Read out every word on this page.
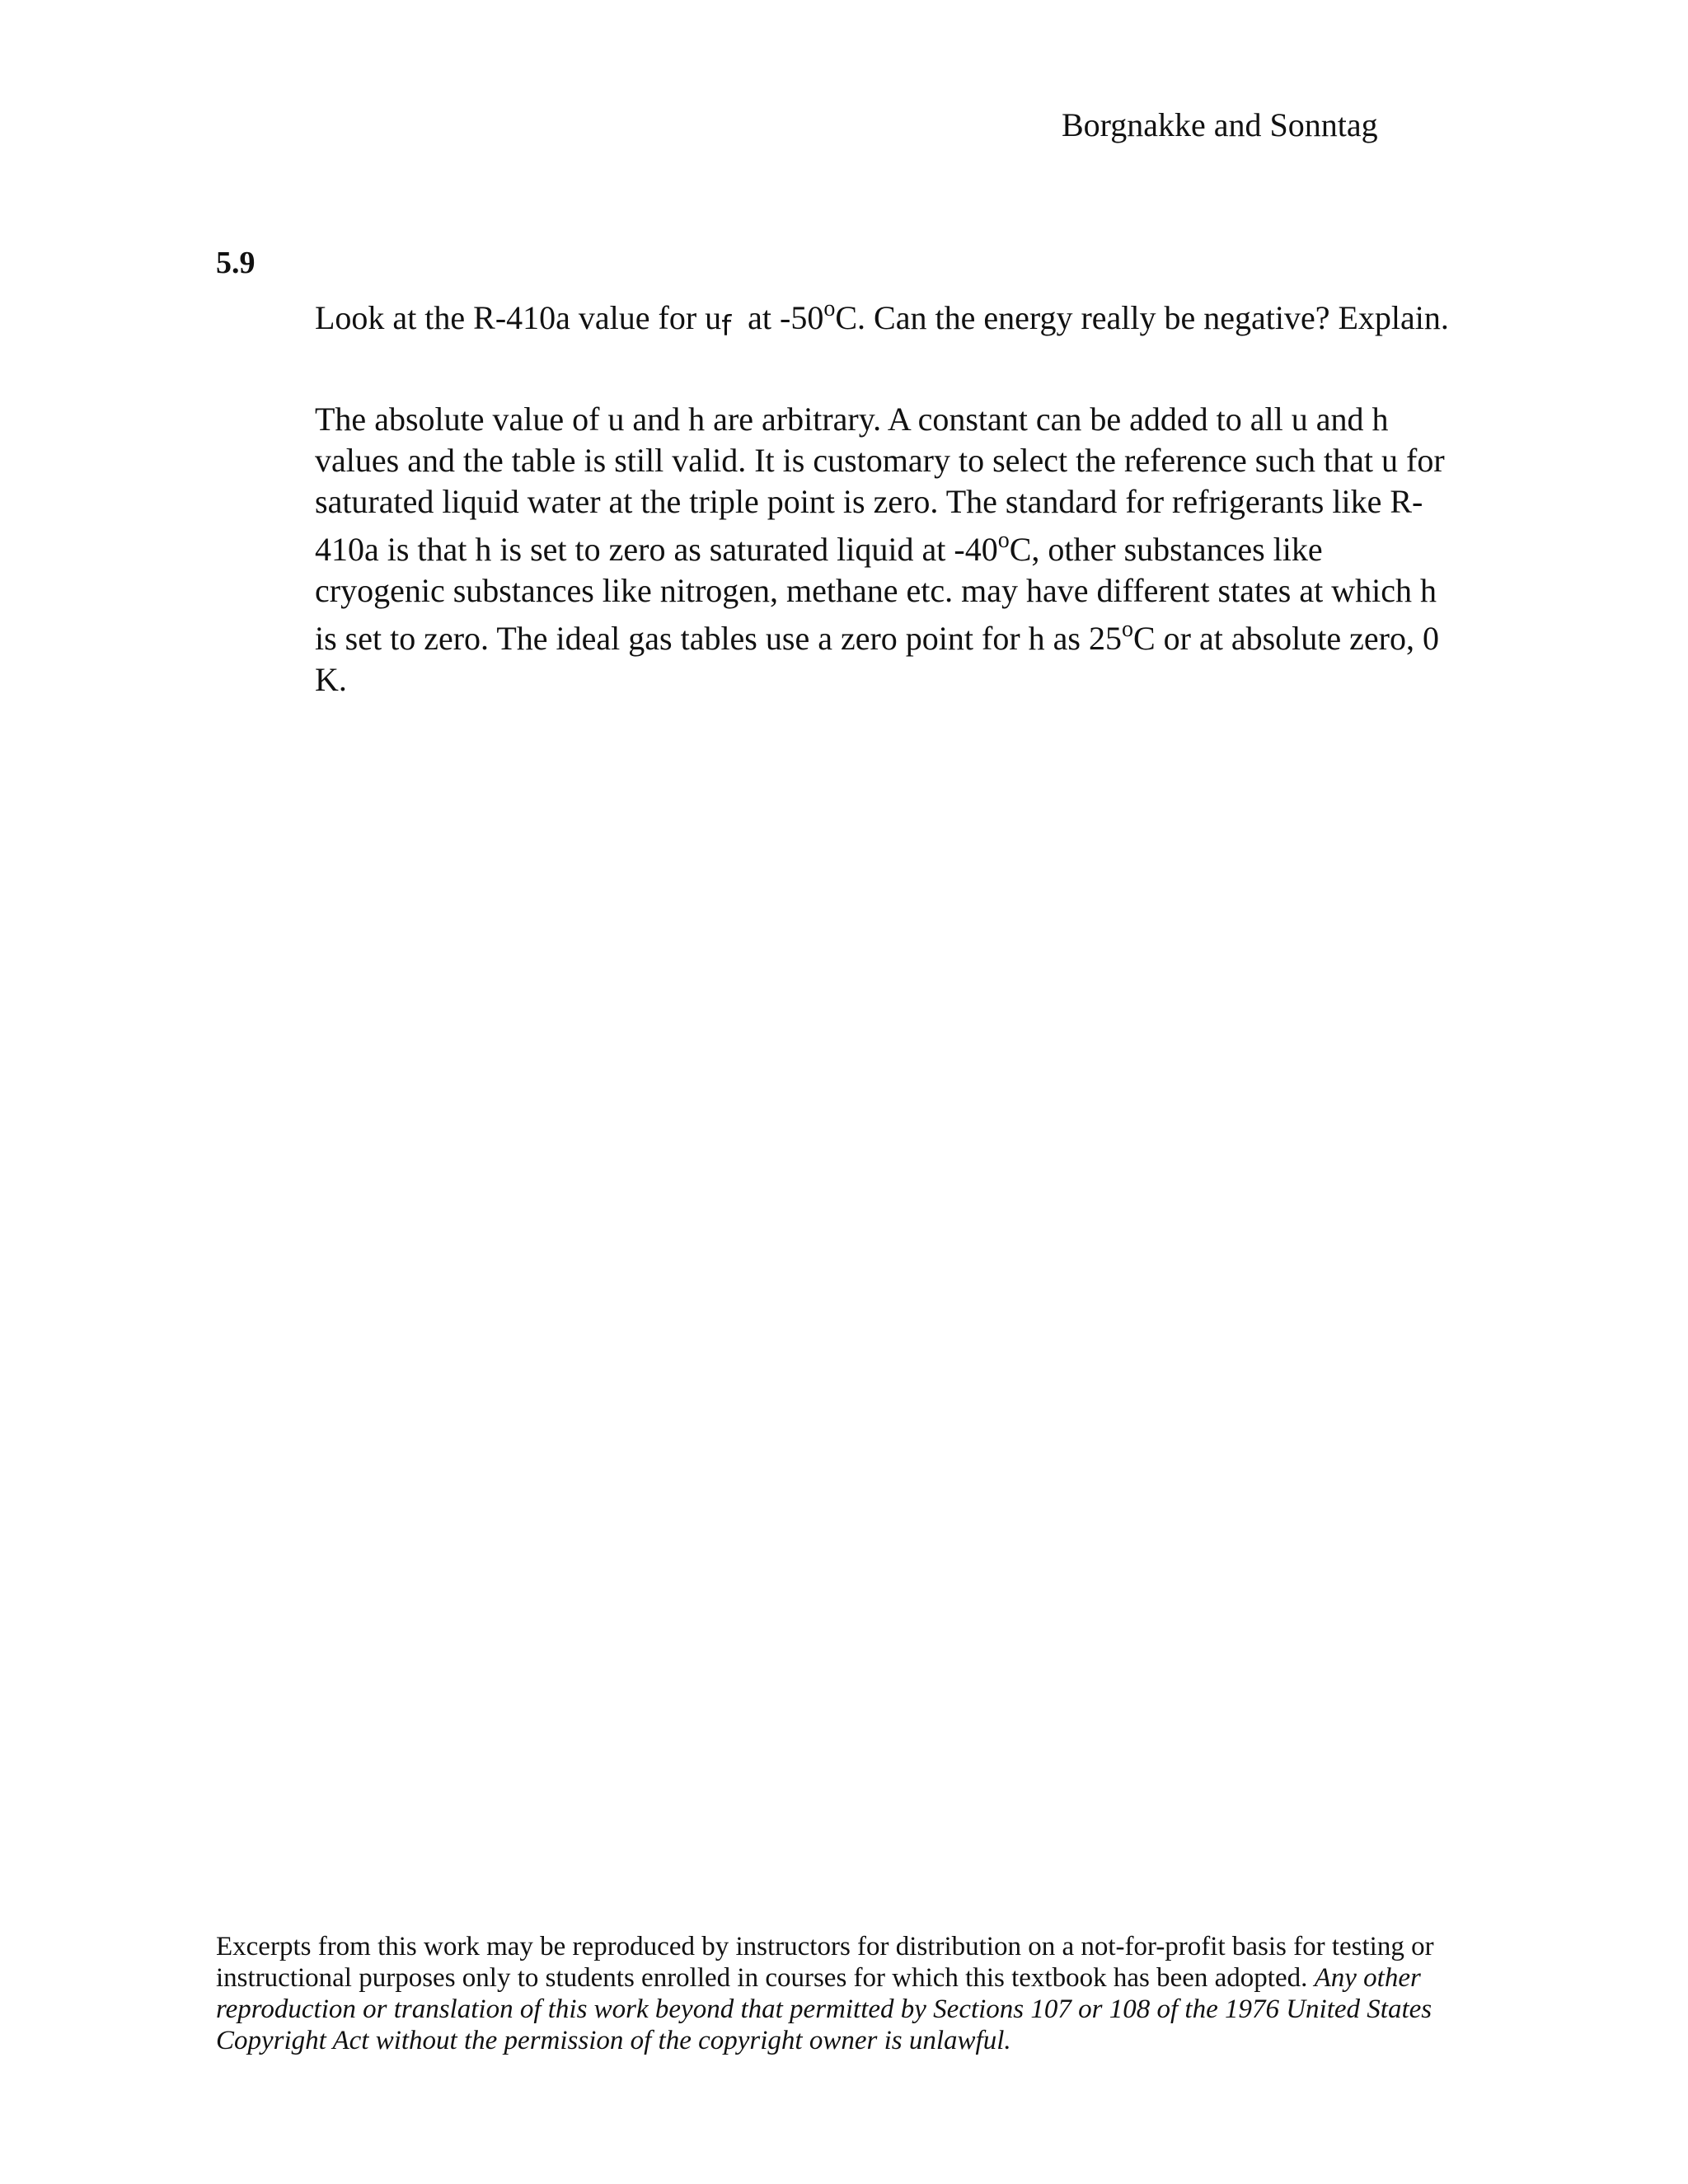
Borgnakke and Sonntag
5.9
Look at the R-410a value for $u_f$  at -50$^o$C. Can the energy really be negative? Explain.
The absolute value of u and h are arbitrary. A constant can be added to all u and h
values and the table is still valid. It is customary to select the reference such that u for
saturated liquid water at the triple point is zero. The standard for refrigerants like R-
410a is that h is set to zero as saturated liquid at -40$^o$C, other substances like
cryogenic substances like nitrogen, methane etc. may have different states at which h
is set to zero. The ideal gas tables use a zero point for h as 25$^o$C or at absolute zero, 0
K.
Excerpts from this work may be reproduced by instructors for distribution on a not-for-profit basis for testing or
instructional purposes only to students enrolled in courses for which this textbook has been adopted. Any other
reproduction or translation of this work beyond that permitted by Sections 107 or 108 of the 1976 United States
Copyright Act without the permission of the copyright owner is unlawful.
